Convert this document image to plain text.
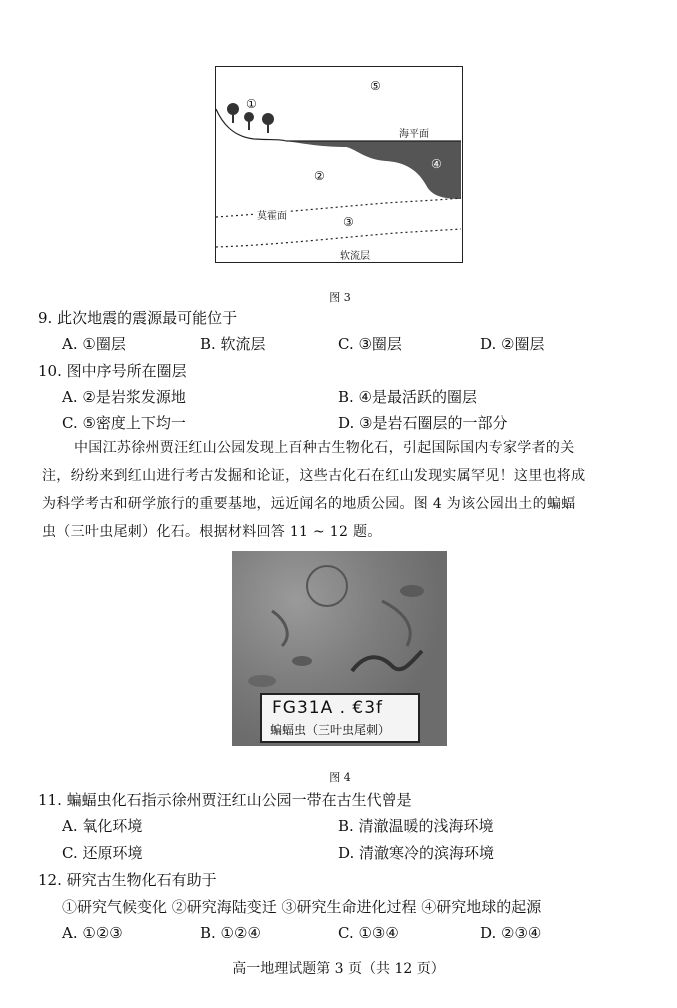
①
⑤
海平面
④
②
莫霍面	③
软流层
图 3
9. 此次地震的震源最可能位于
A. ①圈层	B. 软流层	C. ③圈层	D. ②圈层
10. 图中序号所在圈层
A. ②是岩浆发源地	B. ④是最活跃的圈层
C. ⑤密度上下均一	D. ③是岩石圈层的一部分
中国江苏徐州贾汪红山公园发现上百种古生物化石，引起国际国内专家学者的关
注，纷纷来到红山进行考古发掘和论证，这些古化石在红山发现实属罕见！这里也将成
为科学考古和研学旅行的重要基地，远近闻名的地质公园。图 4 为该公园出土的蝙蝠
虫（三叶虫尾刺）化石。根据材料回答 11 ~ 12 题。
FG31A . €3f
蝙蝠虫（三叶虫尾刺）
图 4
11. 蝙蝠虫化石指示徐州贾汪红山公园一带在古生代曾是
A. 氧化环境	B. 清澈温暖的浅海环境
C. 还原环境	D. 清澈寒冷的滨海环境
12. 研究古生物化石有助于
①研究气候变化 ②研究海陆变迁 ③研究生命进化过程 ④研究地球的起源
A. ①②③	B. ①②④	C. ①③④	D. ②③④
高一地理试题第 3 页（共 12 页）
